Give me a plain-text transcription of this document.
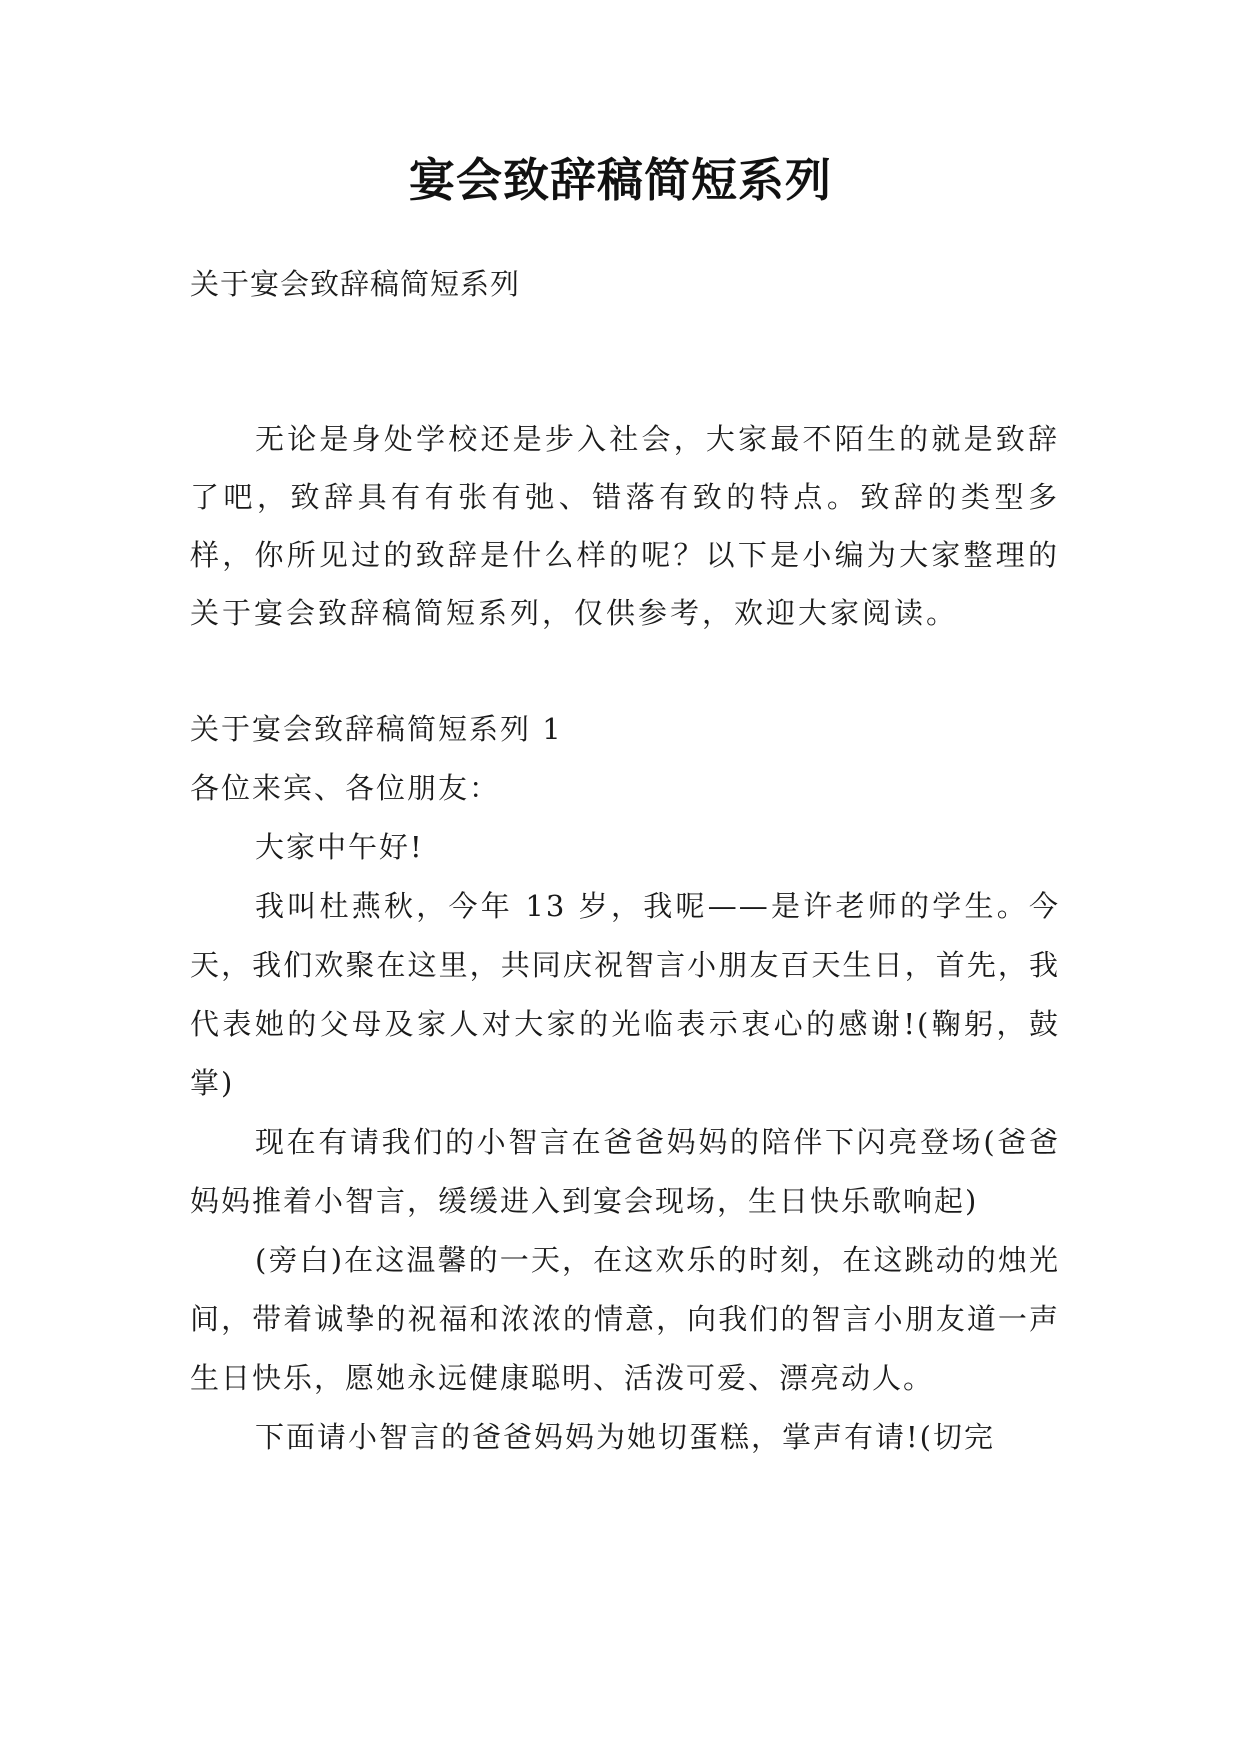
宴会致辞稿简短系列
关于宴会致辞稿简短系列
无论是身处学校还是步入社会，大家最不陌生的就是致辞了吧，致辞具有有张有弛、错落有致的特点。致辞的类型多样，你所见过的致辞是什么样的呢？以下是小编为大家整理的关于宴会致辞稿简短系列，仅供参考，欢迎大家阅读。

关于宴会致辞稿简短系列 1

各位来宾、各位朋友：

大家中午好!

我叫杜燕秋，今年 13 岁，我呢——是许老师的学生。今天，我们欢聚在这里，共同庆祝智言小朋友百天生日，首先，我代表她的父母及家人对大家的光临表示衷心的感谢!(鞠躬，鼓掌)

现在有请我们的小智言在爸爸妈妈的陪伴下闪亮登场(爸爸妈妈推着小智言，缓缓进入到宴会现场，生日快乐歌响起)

(旁白)在这温馨的一天，在这欢乐的时刻，在这跳动的烛光间，带着诚挚的祝福和浓浓的情意，向我们的智言小朋友道一声生日快乐，愿她永远健康聪明、活泼可爱、漂亮动人。

下面请小智言的爸爸妈妈为她切蛋糕，掌声有请!(切完
